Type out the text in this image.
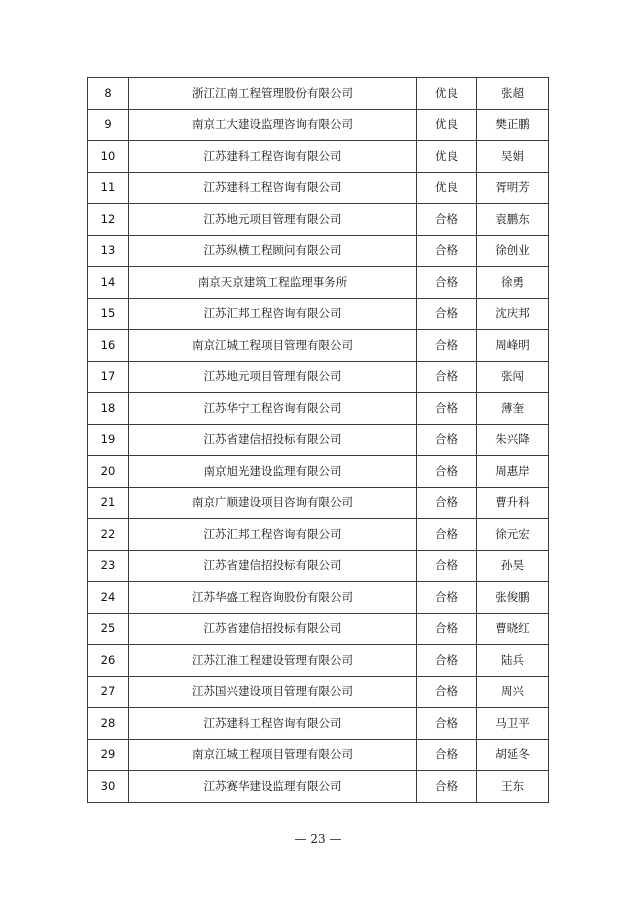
8	浙江江南工程管理股份有限公司	优良	张超
9	南京工大建设监理咨询有限公司	优良	樊正鹏
10	江苏建科工程咨询有限公司	优良	吴娟
11	江苏建科工程咨询有限公司	优良	胥明芳
12	江苏地元项目管理有限公司	合格	袁鹏东
13	江苏纵横工程顾问有限公司	合格	徐创业
14	南京天京建筑工程监理事务所	合格	徐勇
15	江苏汇邦工程咨询有限公司	合格	沈庆邦
16	南京江城工程项目管理有限公司	合格	周峰明
17	江苏地元项目管理有限公司	合格	张闯
18	江苏华宁工程咨询有限公司	合格	薄奎
19	江苏省建信招投标有限公司	合格	朱兴降
20	南京旭光建设监理有限公司	合格	周惠岸
21	南京广顺建设项目咨询有限公司	合格	曹升科
22	江苏汇邦工程咨询有限公司	合格	徐元宏
23	江苏省建信招投标有限公司	合格	孙昊
24	江苏华盛工程咨询股份有限公司	合格	张俊鹏
25	江苏省建信招投标有限公司	合格	曹晓红
26	江苏江淮工程建设管理有限公司	合格	陆兵
27	江苏国兴建设项目管理有限公司	合格	周兴
28	江苏建科工程咨询有限公司	合格	马卫平
29	南京江城工程项目管理有限公司	合格	胡延冬
30	江苏赛华建设监理有限公司	合格	王东
— 23 —
